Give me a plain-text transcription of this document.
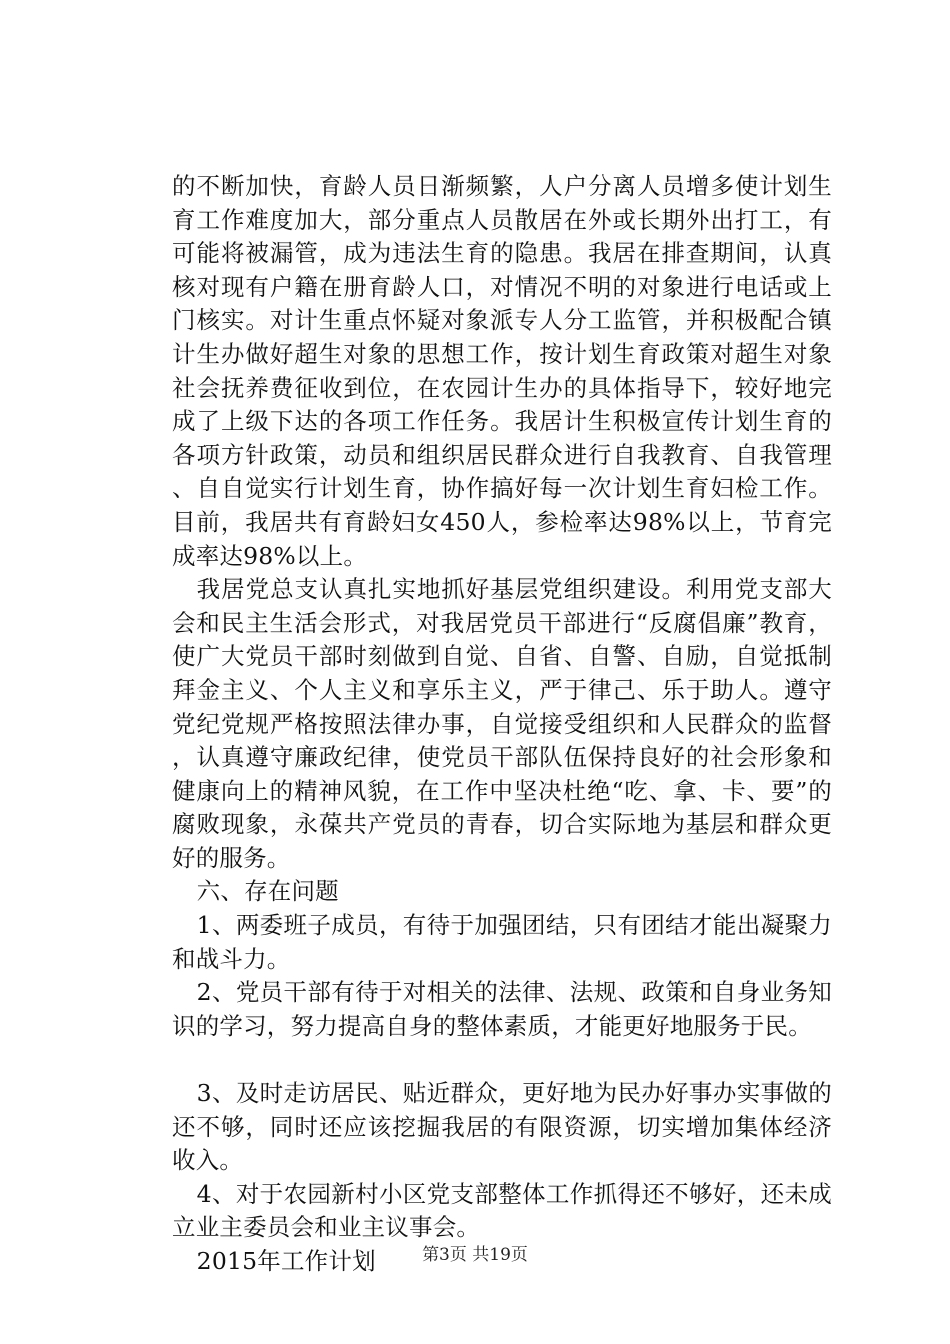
的不断加快，育龄人员日渐频繁，人户分离人员增多使计划生育工作难度加大，部分重点人员散居在外或长期外出打工，有可能将被漏管，成为违法生育的隐患。我居在排查期间，认真核对现有户籍在册育龄人口，对情况不明的对象进行电话或上门核实。对计生重点怀疑对象派专人分工监管，并积极配合镇计生办做好超生对象的思想工作，按计划生育政策对超生对象社会抚养费征收到位，在农园计生办的具体指导下，较好地完成了上级下达的各项工作任务。我居计生积极宣传计划生育的各项方针政策，动员和组织居民群众进行自我教育、自我管理、自自觉实行计划生育，协作搞好每一次计划生育妇检工作。目前，我居共有育龄妇女450人，参检率达98%以上，节育完成率达98%以上。

我居党总支认真扎实地抓好基层党组织建设。利用党支部大会和民主生活会形式，对我居党员干部进行“反腐倡廉”教育，使广大党员干部时刻做到自觉、自省、自警、自励，自觉抵制拜金主义、个人主义和享乐主义，严于律己、乐于助人。遵守党纪党规严格按照法律办事，自觉接受组织和人民群众的监督，认真遵守廉政纪律，使党员干部队伍保持良好的社会形象和健康向上的精神风貌，在工作中坚决杜绝“吃、拿、卡、要”的腐败现象，永葆共产党员的青春，切合实际地为基层和群众更好的服务。

六、存在问题

1、两委班子成员，有待于加强团结，只有团结才能出凝聚力和战斗力。

2、党员干部有待于对相关的法律、法规、政策和自身业务知识的学习，努力提高自身的整体素质，才能更好地服务于民。

3、及时走访居民、贴近群众，更好地为民办好事办实事做的还不够，同时还应该挖掘我居的有限资源，切实增加集体经济收入。

4、对于农园新村小区党支部整体工作抓得还不够好，还未成立业主委员会和业主议事会。

2015年工作计划	第3页 共19页
